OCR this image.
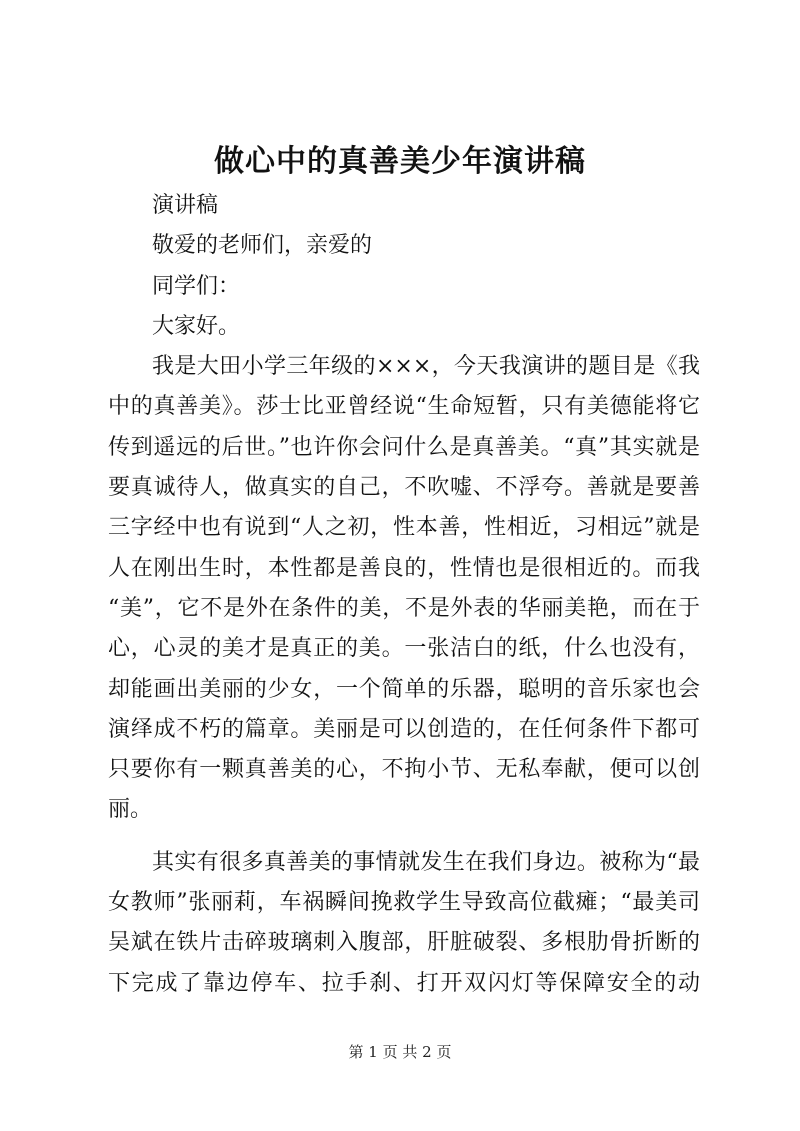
做心中的真善美少年演讲稿
演讲稿
敬爱的老师们，亲爱的
同学们：
大家好。
我是大田小学三年级的×××，今天我演讲的题目是《我
中的真善美》。莎士比亚曾经说“生命短暂，只有美德能将它
传到遥远的后世。”也许你会问什么是真善美。“真”其实就是
要真诚待人，做真实的自己，不吹嘘、不浮夸。善就是要善
三字经中也有说到“人之初，性本善，性相近，习相远”就是
人在刚出生时，本性都是善良的，性情也是很相近的。而我
“美”，它不是外在条件的美，不是外表的华丽美艳，而在于
心，心灵的美才是真正的美。一张洁白的纸，什么也没有，
却能画出美丽的少女，一个简单的乐器，聪明的音乐家也会
演绎成不朽的篇章。美丽是可以创造的，在任何条件下都可
只要你有一颗真善美的心，不拘小节、无私奉献，便可以创
丽。
其实有很多真善美的事情就发生在我们身边。被称为“最
女教师”张丽莉，车祸瞬间挽救学生导致高位截瘫；“最美司
吴斌在铁片击碎玻璃刺入腹部，肝脏破裂、多根肋骨折断的
下完成了靠边停车、拉手刹、打开双闪灯等保障安全的动
第 1 页 共 2 页
